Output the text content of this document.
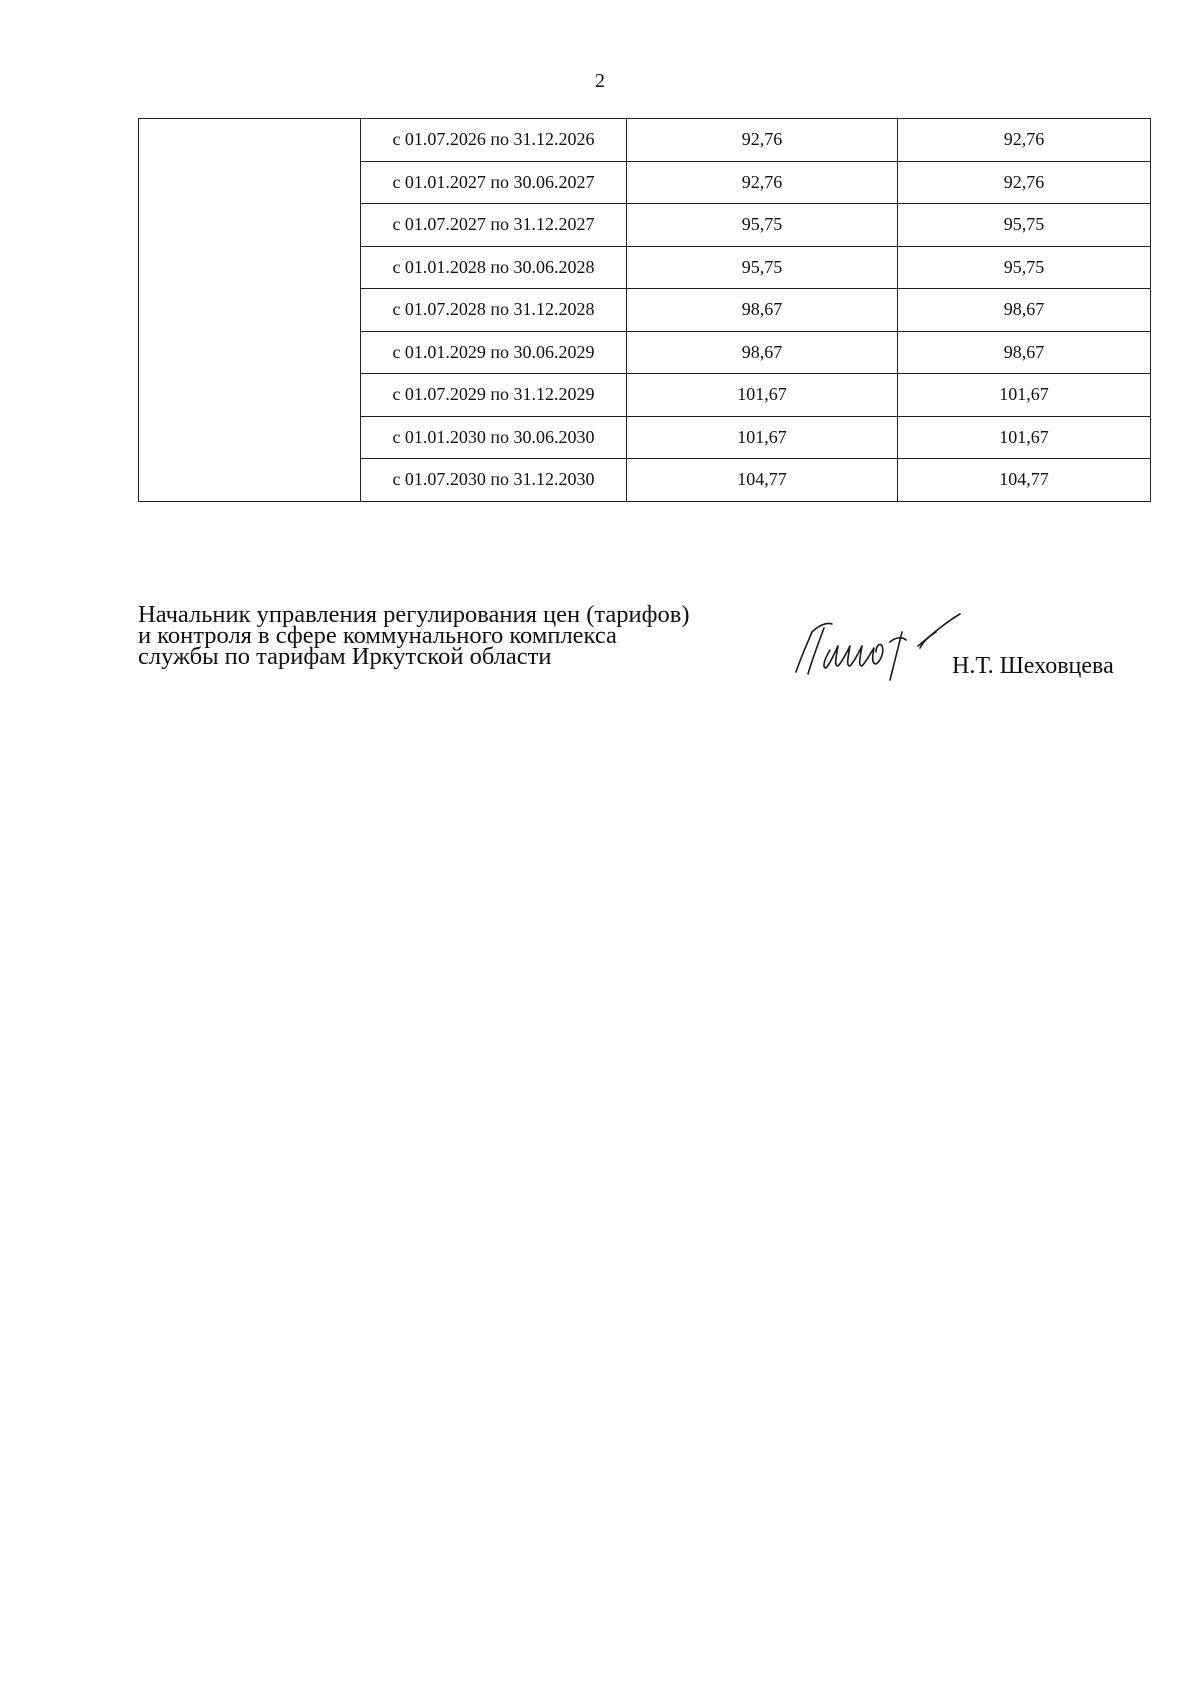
2
	с 01.07.2026 по 31.12.2026	92,76	92,76
	с 01.01.2027 по 30.06.2027	92,76	92,76
	с 01.07.2027 по 31.12.2027	95,75	95,75
	с 01.01.2028 по 30.06.2028	95,75	95,75
	с 01.07.2028 по 31.12.2028	98,67	98,67
	с 01.01.2029 по 30.06.2029	98,67	98,67
	с 01.07.2029 по 31.12.2029	101,67	101,67
	с 01.01.2030 по 30.06.2030	101,67	101,67
	с 01.07.2030 по 31.12.2030	104,77	104,77
Начальник управления регулирования цен (тарифов)
и контроля в сфере коммунального комплекса
службы по тарифам Иркутской области	Н.Т. Шеховцева
